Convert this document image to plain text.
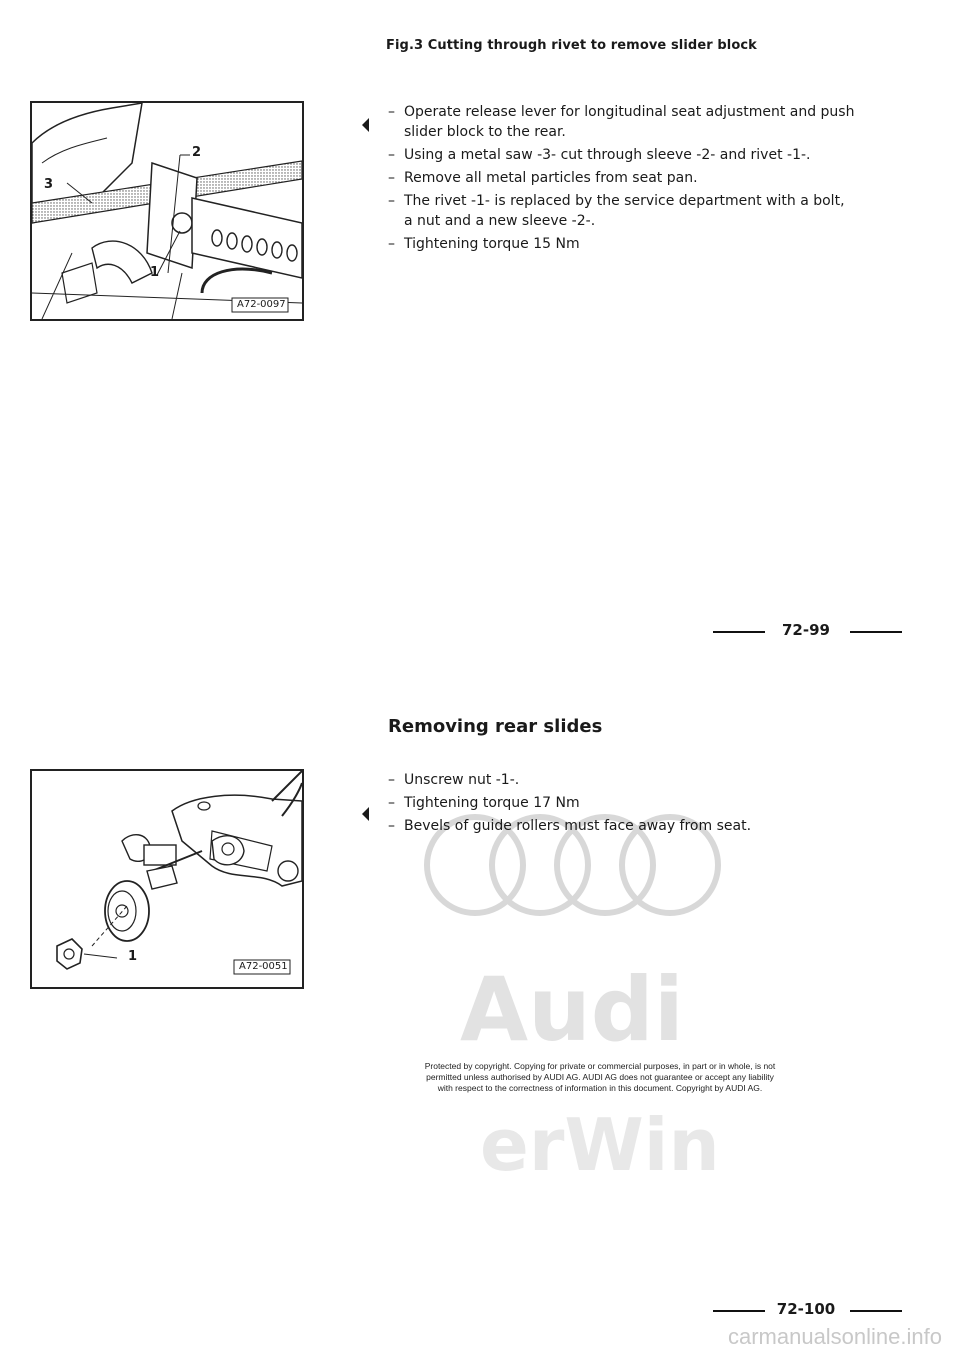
Fig.3 Cutting through rivet to remove slider block
2
3
1
A72-0097
– Operate release lever for longitudinal seat adjustment and push
slider block to the rear.
– Using a metal saw -3- cut through sleeve -2- and rivet -1-.
– Remove all metal particles from seat pan.
– The rivet -1- is replaced by the service department with a bolt,
a nut and a new sleeve -2-.
– Tightening torque 15 Nm
72-99
Removing rear slides
1
A72-0051 Audi
erWin
– Unscrew nut -1-.
– Tightening torque 17 Nm
– Bevels of guide rollers must face away from seat.
Protected by copyright. Copying for private or commercial purposes, in part or in whole, is not
permitted unless authorised by AUDI AG. AUDI AG does not guarantee or accept any liability
with respect to the correctness of information in this document. Copyright by AUDI AG.
72-100
carmanualsonline.info
